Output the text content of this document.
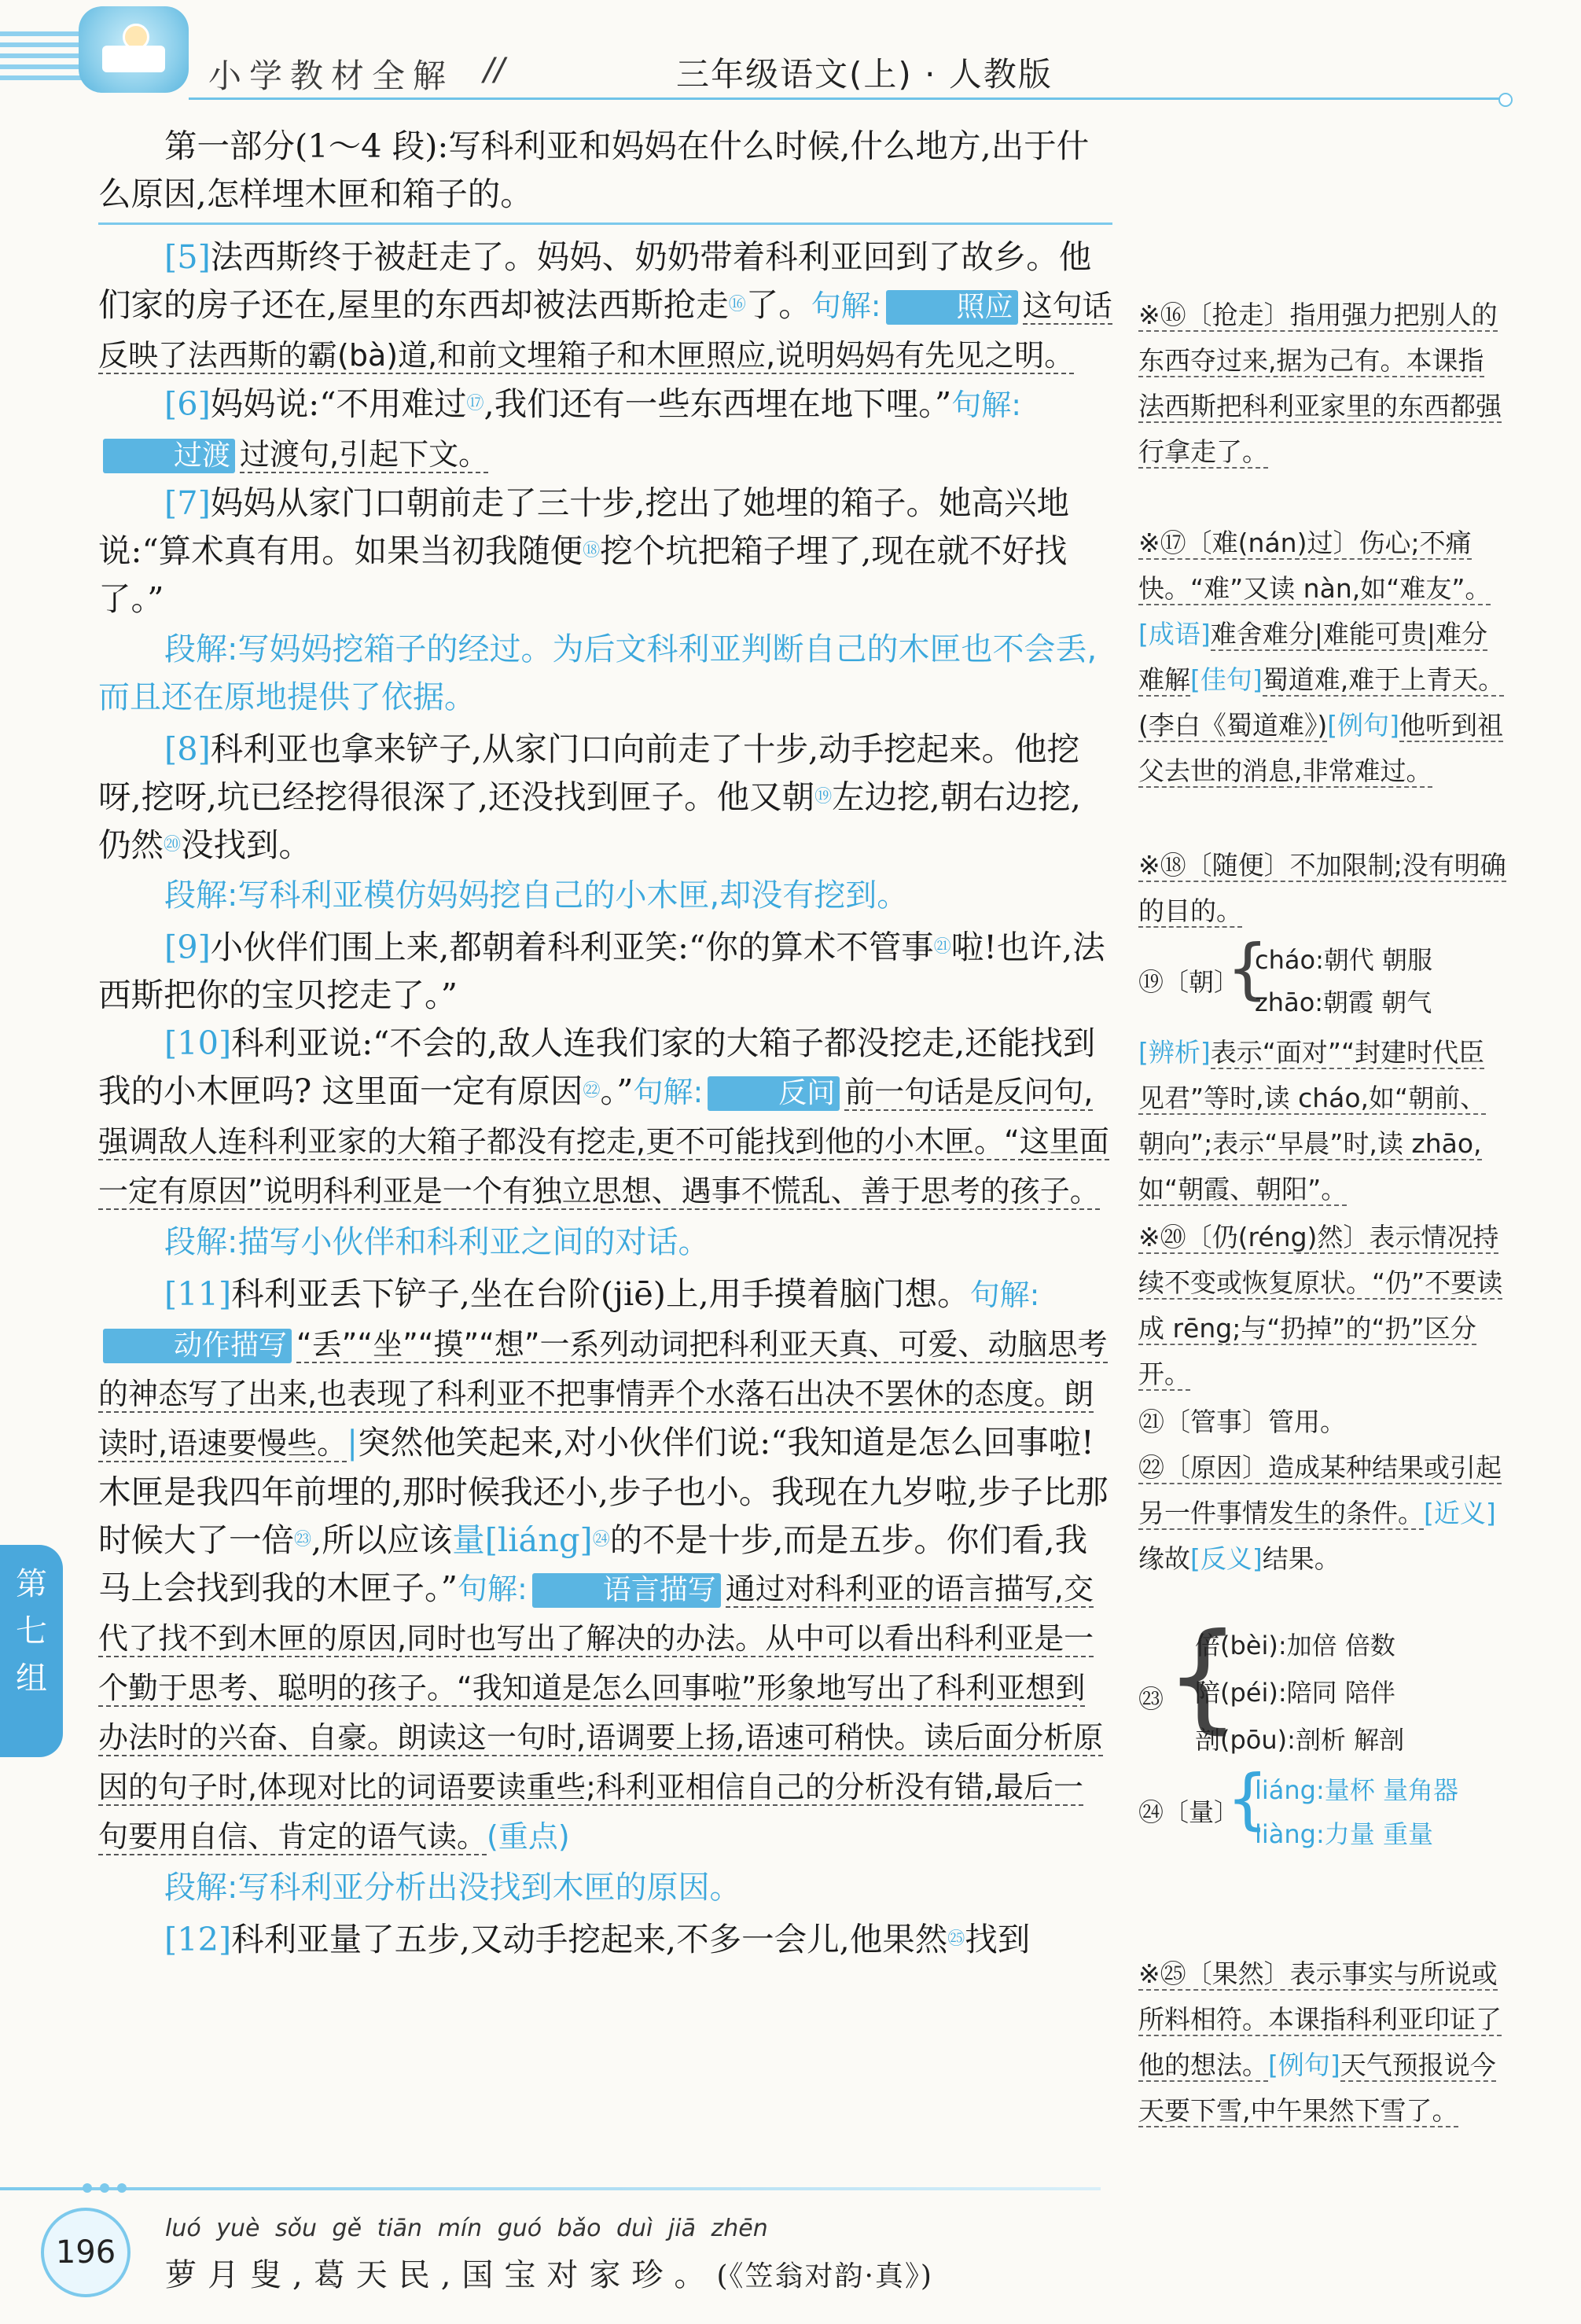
小学教材全解 //	三年级语文(上) · 人教版

第一部分(1～4 段):写科利亚和妈妈在什么时候,什么地方,出于什么原因,怎样埋木匣和箱子的。

[5]法西斯终于被赶走了。妈妈、奶奶带着科利亚回到了故乡。他们家的房子还在,屋里的东西却被法西斯抢走⑯了。句解:	照应 这句话反映了法西斯的霸(bà)道,和前文埋箱子和木匣照应,说明妈妈有先见之明。

[6]妈妈说:“不用难过⑰,我们还有一些东西埋在地下哩。”句解:过渡 过渡句,引起下文。

[7]妈妈从家门口朝前走了三十步,挖出了她埋的箱子。她高兴地说:“算术真有用。如果当初我随便⑱挖个坑把箱子埋了,现在就不好找了。”

段解:写妈妈挖箱子的经过。为后文科利亚判断自己的木匣也不会丢,而且还在原地提供了依据。

[8]科利亚也拿来铲子,从家门口向前走了十步,动手挖起来。他挖呀,挖呀,坑已经挖得很深了,还没找到匣子。他又朝⑲左边挖,朝右边挖,仍然⑳没找到。

段解:写科利亚模仿妈妈挖自己的小木匣,却没有挖到。

[9]小伙伴们围上来,都朝着科利亚笑:“你的算术不管事$^㉑$啦!也许,法西斯把你的宝贝挖走了。”

[10]科利亚说:“不会的,敌人连我们家的大箱子都没挖走,还能找到我的小木匣吗? 这里面一定有原因$^㉒$。”句解:	反问 前一句话是反问句,强调敌人连科利亚家的大箱子都没有挖走,更不可能找到他的小木匣。“这里面一定有原因”说明科利亚是一个有独立思想、遇事不慌乱、善于思考的孩子。

段解:描写小伙伴和科利亚之间的对话。

[11]科利亚丢下铲子,坐在台阶(jiē)上,用手摸着脑门想。句解:动作描写 “丢”“坐”“摸”“想”一系列动词把科利亚天真、可爱、动脑思考的神态写了出来,也表现了科利亚不把事情弄个水落石出决不罢休的态度。朗读时,语速要慢些。|突然他笑起来,对小伙伴们说:“我知道是怎么回事啦! 木匣是我四年前埋的,那时候我还小,步子也小。我现在九岁啦,步子比那时候大了一倍$^㉓$,所以应该量[liáng]$^㉔$的不是十步,而是五步。你们看,我马上会找到我的木匣子。”句解:	语言描写 通过对科利亚的语言描写,交代了找不到木匣的原因,同时也写出了解决的办法。从中可以看出科利亚是一个勤于思考、聪明的孩子。“我知道是怎么回事啦”形象地写出了科利亚想到办法时的兴奋、自豪。朗读这一句时,语调要上扬,语速可稍快。读后面分析原因的句子时,体现对比的词语要读重些;科利亚相信自己的分析没有错,最后一句要用自信、肯定的语气读。(重点)

段解:写科利亚分析出没找到木匣的原因。

[12]科利亚量了五步,又动手挖起来,不多一会儿,他果然$^㉕$找到

※⑯〔抢走〕指用强力把别人的东西夺过来,据为己有。本课指法西斯把科利亚家里的东西都强行拿走了。
※⑰〔难(nán)过〕伤心;不痛快。“难”又读 nàn,如“难友”。[成语]难舍难分|难能可贵|难分难解[佳句]蜀道难,难于上青天。(李白《蜀道难》)[例句]他听到祖父去世的消息,非常难过。
※⑱〔随便〕不加限制;没有明确的目的。
⑲〔朝〕
{
cháo:朝代 朝服
zhāo:朝霞 朝气
[辨析]表示“面对”“封建时代臣见君”等时,读 cháo,如“朝前、朝向”;表示“早晨”时,读 zhāo,如“朝霞、朝阳”。
※⑳〔仍(réng)然〕表示情况持续不变或恢复原状。“仍”不要读成 rēng;与“扔掉”的“扔”区分开。
㉑〔管事〕管用。
㉒〔原因〕造成某种结果或引起另一件事情发生的条件。[近义]缘故[反义]结果。
㉓ {
倍(bèi):加倍 倍数
陪(péi):陪同 陪伴
剖(pōu):剖析 解剖
㉔〔量〕
{
liáng:量杯 量角器
liàng:力量 重量
※㉕〔果然〕表示事实与所说或所料相符。本课指科利亚印证了他的想法。[例句]天气预报说今天要下雪,中午果然下雪了。
第
七
组
196
luó yuè sǒu gě tiān mín guó bǎo duì jiā zhēn
萝月叟,葛天民,国宝对家珍。(《笠翁对韵·真》)
